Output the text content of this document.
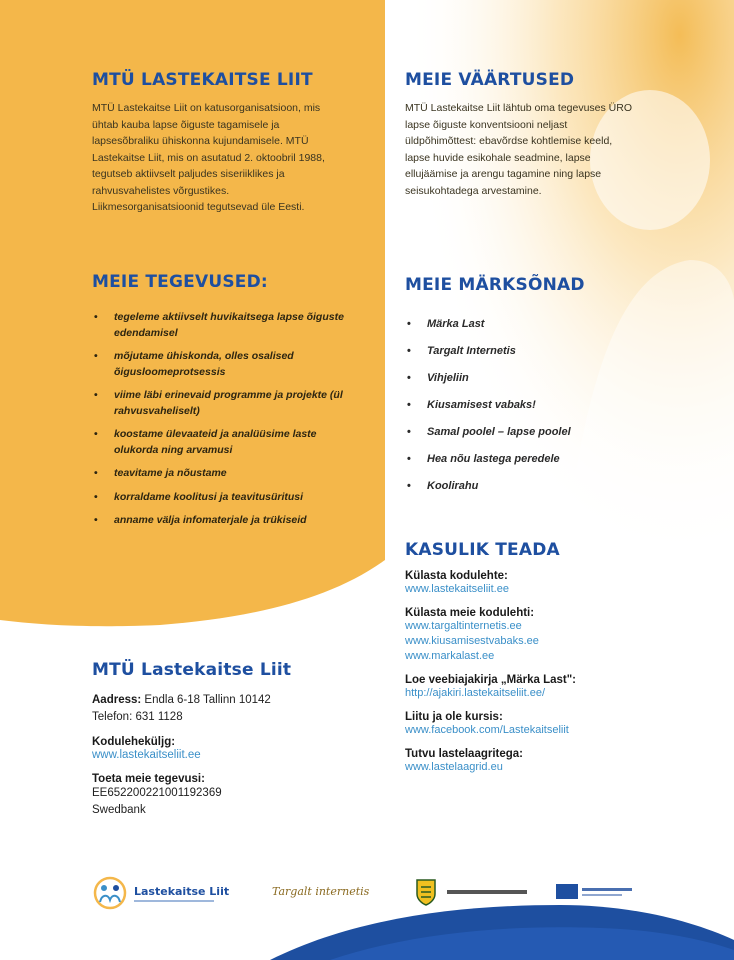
MTÜ LASTEKAITSE LIIT

MTÜ Lastekaitse Liit on katusorganisatsioon, mis ühtab kauba lapse õiguste tagamisele ja lapsesõbraliku ühiskonna kujundamisele. MTÜ Lastekaitse Liit, mis on asutatud 2. oktoobril 1988, tegutseb aktiivselt paljudes siseriiklikes ja rahvusvahelistes võrgustikes. Liikmesorganisatsioonid tegutsevad üle Eesti.

MEIE TEGEVUSED:
• tegeleme aktiivselt huvikaitsega lapse õiguste edendamisel
• mõjutame ühiskonda, olles osalised õigusloomeprotsessis
• viime läbi erinevaid programme ja projekte (ül rahvusvaheliselt)
• koostame ülevaateid ja analüüsime laste olukorda ning arvamusi
• teavitame ja nõustame
• korraldame koolitusi ja teavitusüritusi
• anname välja infomaterjale ja trükiseid
MTÜ Lastekaitse Liit
Aadress: Endla 6-18 Tallinn 10142
Telefon: 631 1128
Koduleheküljg:
www.lastekaitseliit.ee
Toeta meie tegevusi:
EE652200221001192369
Swedbank
MEIE VÄÄRTUSED

MTÜ Lastekaitse Liit lähtub oma tegevuses ÜRO lapse õiguste konventsiooni neljast üldpõhimõttest: ebavõrdse kohtlemise keeld, lapse huvide esikohale seadmine, lapse ellujäämise ja arengu tagamine ning lapse seisukohtadega arvestamine.

MEIE MÄRKSÕNAD
• Märka Last
• Targalt Internetis
• Vihjeliin
• Kiusamisest vabaks!
• Samal poolel – lapse poolel
• Hea nõu lastega peredele
• Koolirahu
KASULIK TEADA
Külasta kodulehte:
www.lastekaitseliit.ee
Külasta meie kodulehti:
www.targaltinternetis.ee
www.kiusamisestvabaks.ee
www.markalast.ee
Loe veebiajakirja „Märka Last":
http://ajakiri.lastekaitseliit.ee/
Liitu ja ole kursis:
www.facebook.com/Lastekaitseliit
Tutvu lastelaagritega:
www.lastelaagrid.eu
Lastekaitse Liit	Targalt internetis
